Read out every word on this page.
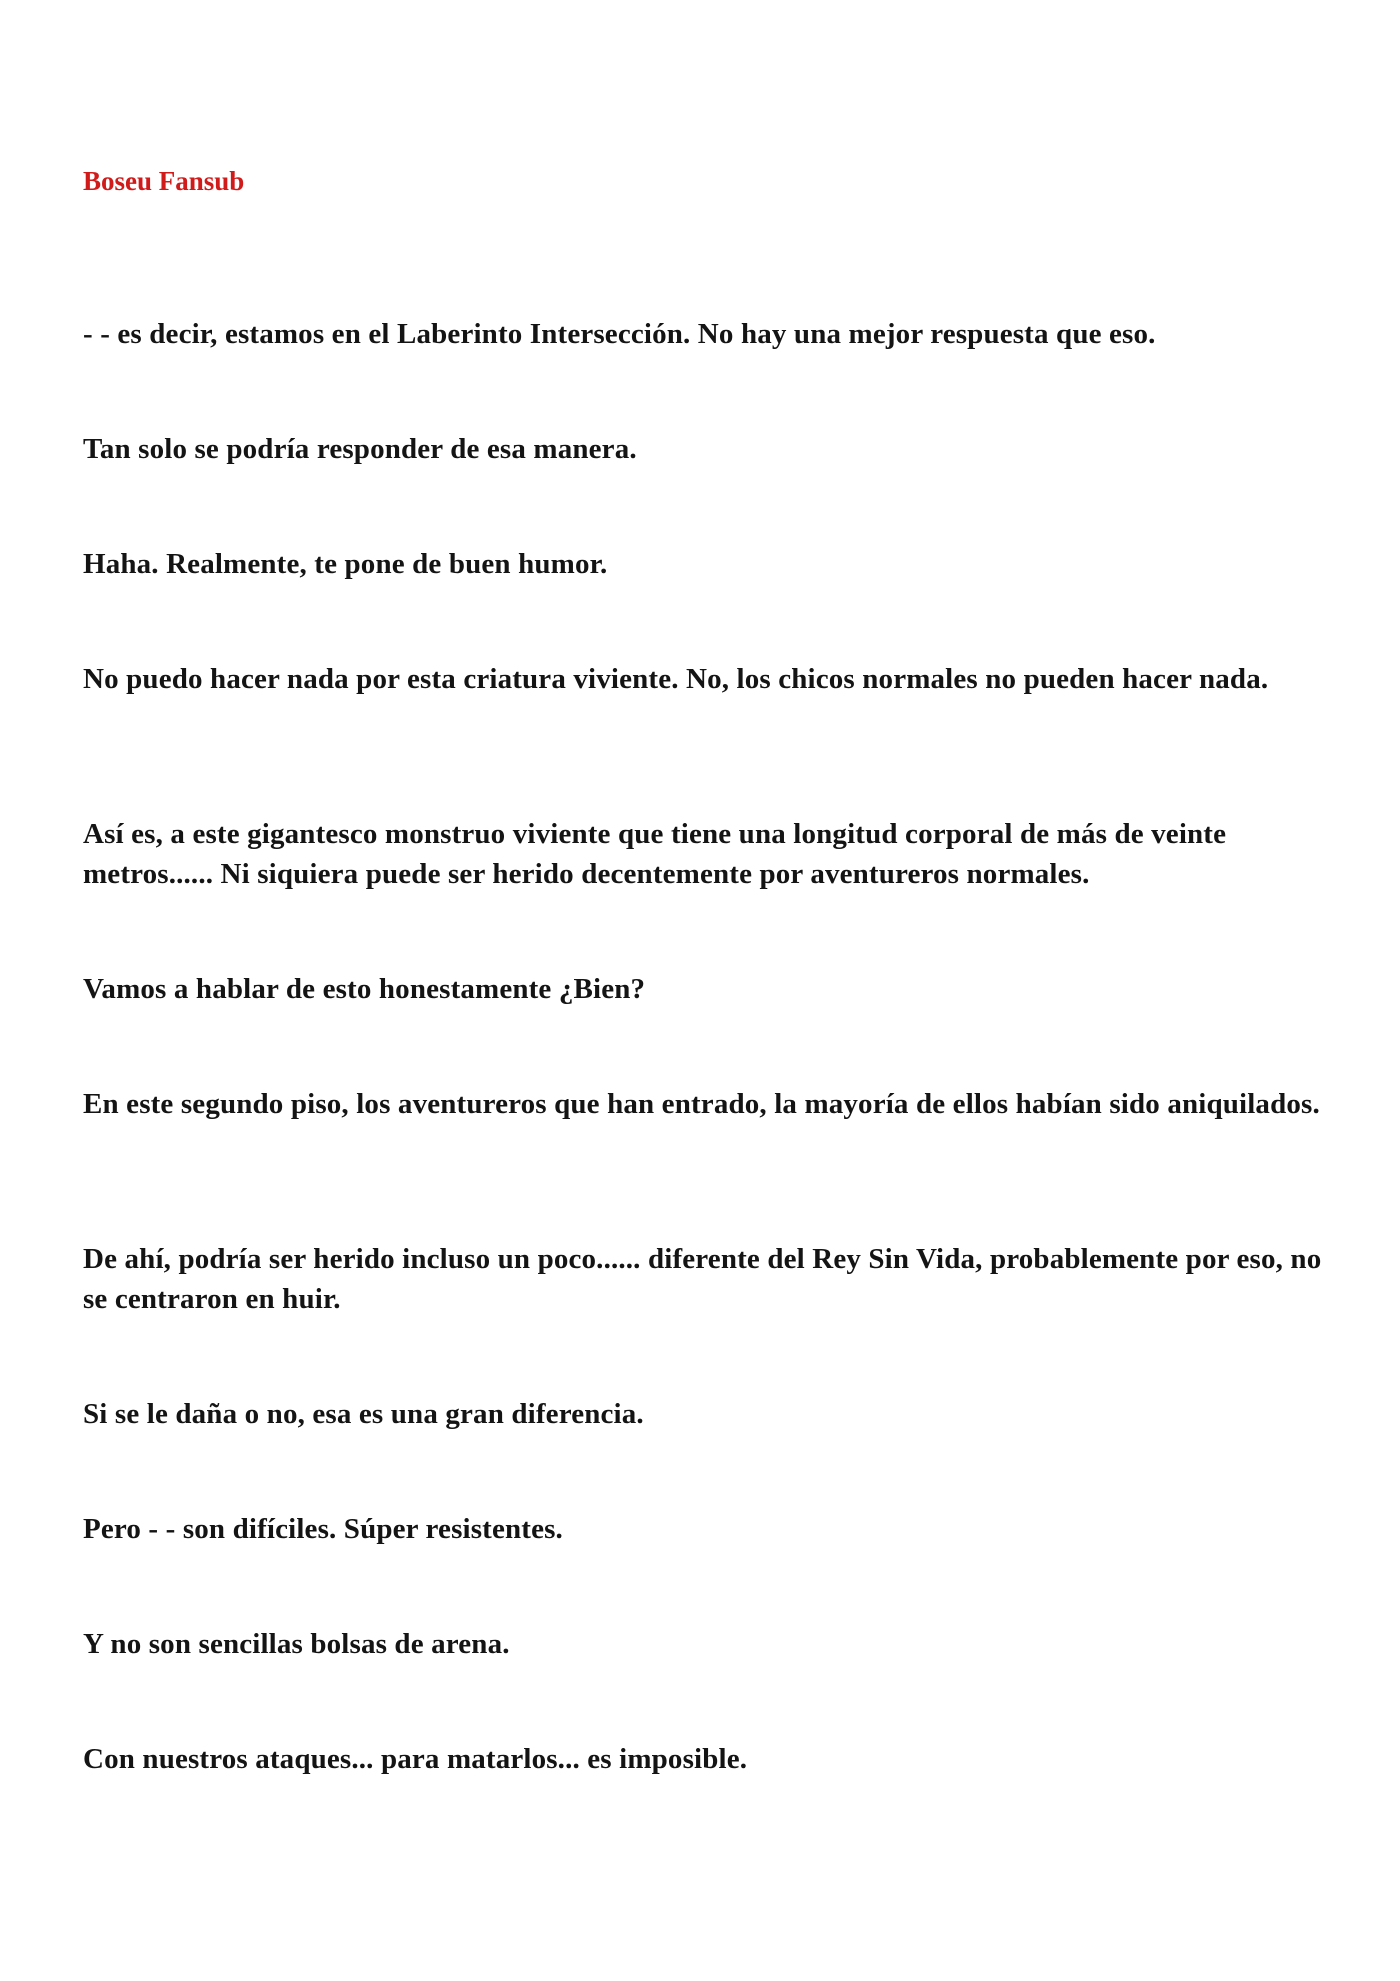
Boseu Fansub

- - es decir, estamos en el Laberinto Intersección. No hay una mejor respuesta que eso.

Tan solo se podría responder de esa manera.

Haha. Realmente, te pone de buen humor.

No puedo hacer nada por esta criatura viviente. No, los chicos normales no pueden hacer nada.

Así es, a este gigantesco monstruo viviente que tiene una longitud corporal de más de veinte metros...... Ni siquiera puede ser herido decentemente por aventureros normales.

Vamos a hablar de esto honestamente ¿Bien?

En este segundo piso, los aventureros que han entrado, la mayoría de ellos habían sido aniquilados.

De ahí, podría ser herido incluso un poco...... diferente del Rey Sin Vida, probablemente por eso, no se centraron en huir.

Si se le daña o no, esa es una gran diferencia.

Pero - - son difíciles. Súper resistentes.

Y no son sencillas bolsas de arena.

Con nuestros ataques... para matarlos... es imposible.
